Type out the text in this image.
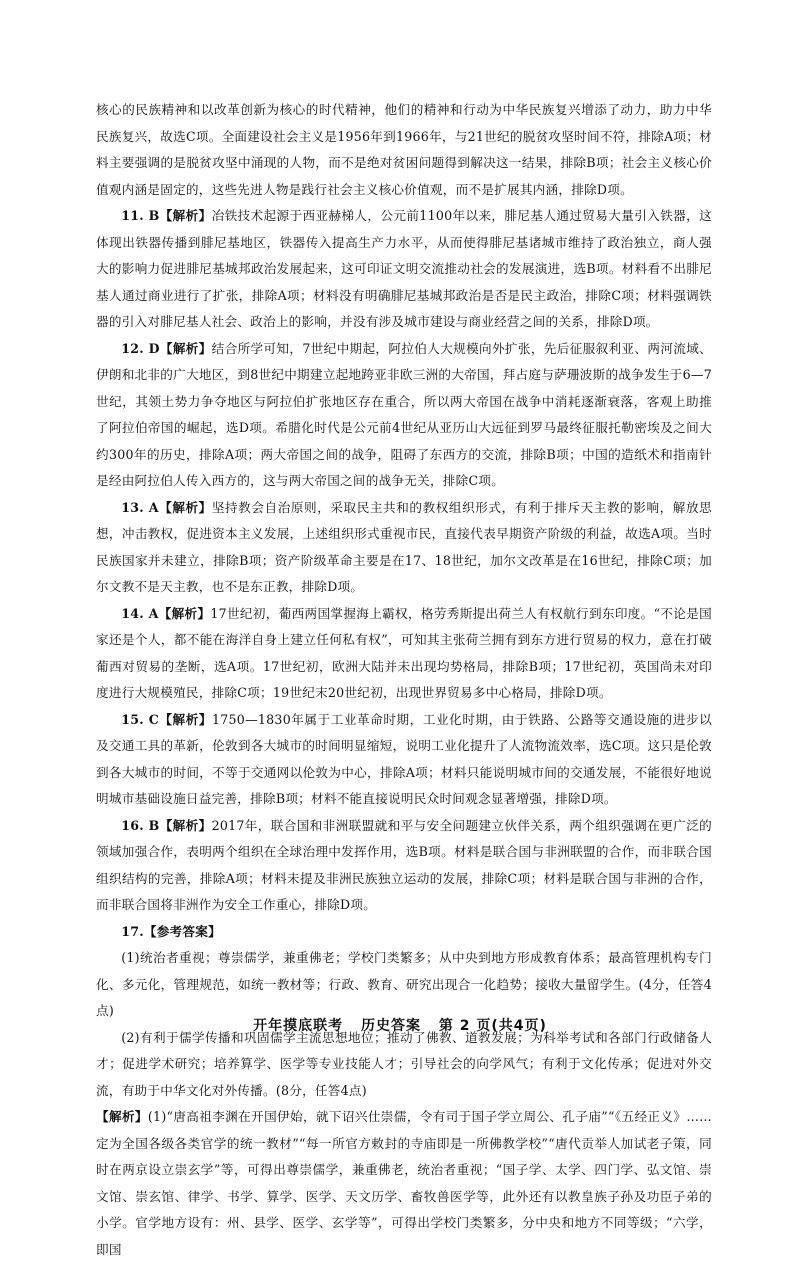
核心的民族精神和以改革创新为核心的时代精神，他们的精神和行动为中华民族复兴增添了动力，助力中华民族复兴，故选C项。全面建设社会主义是1956年到1966年，与21世纪的脱贫攻坚时间不符，排除A项；材料主要强调的是脱贫攻坚中涌现的人物，而不是绝对贫困问题得到解决这一结果，排除B项；社会主义核心价值观内涵是固定的，这些先进人物是践行社会主义核心价值观，而不是扩展其内涵，排除D项。

11. B【解析】冶铁技术起源于西亚赫梯人，公元前1100年以来，腓尼基人通过贸易大量引入铁器，这体现出铁器传播到腓尼基地区，铁器传入提高生产力水平，从而使得腓尼基诸城市维持了政治独立，商人强大的影响力促进腓尼基城邦政治发展起来，这可印证文明交流推动社会的发展演进，选B项。材料看不出腓尼基人通过商业进行了扩张，排除A项；材料没有明确腓尼基城邦政治是否是民主政治，排除C项；材料强调铁器的引入对腓尼基人社会、政治上的影响，并没有涉及城市建设与商业经营之间的关系，排除D项。

12. D【解析】结合所学可知，7世纪中期起，阿拉伯人大规模向外扩张，先后征服叙利亚、两河流域、伊朗和北非的广大地区，到8世纪中期建立起地跨亚非欧三洲的大帝国，拜占庭与萨珊波斯的战争发生于6—7世纪，其领土势力争夺地区与阿拉伯扩张地区存在重合，所以两大帝国在战争中消耗逐渐衰落，客观上助推了阿拉伯帝国的崛起，选D项。希腊化时代是公元前4世纪从亚历山大远征到罗马最终征服托勒密埃及之间大约300年的历史，排除A项；两大帝国之间的战争，阻碍了东西方的交流，排除B项；中国的造纸术和指南针是经由阿拉伯人传入西方的，这与两大帝国之间的战争无关，排除C项。

13. A【解析】坚持教会自治原则，采取民主共和的教权组织形式，有利于排斥天主教的影响，解放思想，冲击教权，促进资本主义发展，上述组织形式重视市民，直接代表早期资产阶级的利益，故选A项。当时民族国家并未建立，排除B项；资产阶级革命主要是在17、18世纪，加尔文改革是在16世纪，排除C项；加尔文教不是天主教，也不是东正教，排除D项。

14. A【解析】17世纪初，葡西两国掌握海上霸权，格劳秀斯提出荷兰人有权航行到东印度。“不论是国家还是个人，都不能在海洋自身上建立任何私有权”，可知其主张荷兰拥有到东方进行贸易的权力，意在打破葡西对贸易的垄断，选A项。17世纪初，欧洲大陆并未出现均势格局，排除B项；17世纪初，英国尚未对印度进行大规模殖民，排除C项；19世纪末20世纪初，出现世界贸易多中心格局，排除D项。

15. C【解析】1750—1830年属于工业革命时期，工业化时期，由于铁路、公路等交通设施的进步以及交通工具的革新，伦敦到各大城市的时间明显缩短，说明工业化提升了人流物流效率，选C项。这只是伦敦到各大城市的时间，不等于交通网以伦敦为中心，排除A项；材料只能说明城市间的交通发展，不能很好地说明城市基础设施日益完善，排除B项；材料不能直接说明民众时间观念显著增强，排除D项。

16. B【解析】2017年，联合国和非洲联盟就和平与安全问题建立伙伴关系，两个组织强调在更广泛的领域加强合作，表明两个组织在全球治理中发挥作用，选B项。材料是联合国与非洲联盟的合作，而非联合国组织结构的完善，排除A项；材料未提及非洲民族独立运动的发展，排除C项；材料是联合国与非洲的合作，而非联合国将非洲作为安全工作重心，排除D项。

17.【参考答案】

(1)统治者重视；尊崇儒学，兼重佛老；学校门类繁多；从中央到地方形成教育体系；最高管理机构专门化、多元化，管理规范，如统一教材等；行政、教育、研究出现合一化趋势；接收大量留学生。(4分，任答4点)

(2)有利于儒学传播和巩固儒学主流思想地位；推动了佛教、道教发展；为科举考试和各部门行政储备人才；促进学术研究；培养算学、医学等专业技能人才；引导社会的向学风气；有利于文化传承；促进对外交流，有助于中华文化对外传播。(8分，任答4点)

【解析】(1)“唐高祖李渊在开国伊始，就下诏兴仕崇儒，令有司于国子学立周公、孔子庙”“《五经正义》……定为全国各级各类官学的统一教材”“每一所官方敕封的寺庙即是一所佛教学校”“唐代贡举人加试老子策，同时在两京设立崇玄学”等，可得出尊崇儒学，兼重佛老，统治者重视；“国子学、太学、四门学、弘文馆、崇文馆、崇玄馆、律学、书学、算学、医学、天文历学、畜牧兽医学等，此外还有以教皇族子孙及功臣子弟的小学。官学地方设有：州、县学、医学、玄学等”，可得出学校门类繁多，分中央和地方不同等级；“六学，即国

开年摸底联考 历史答案 第 2 页(共4页)
